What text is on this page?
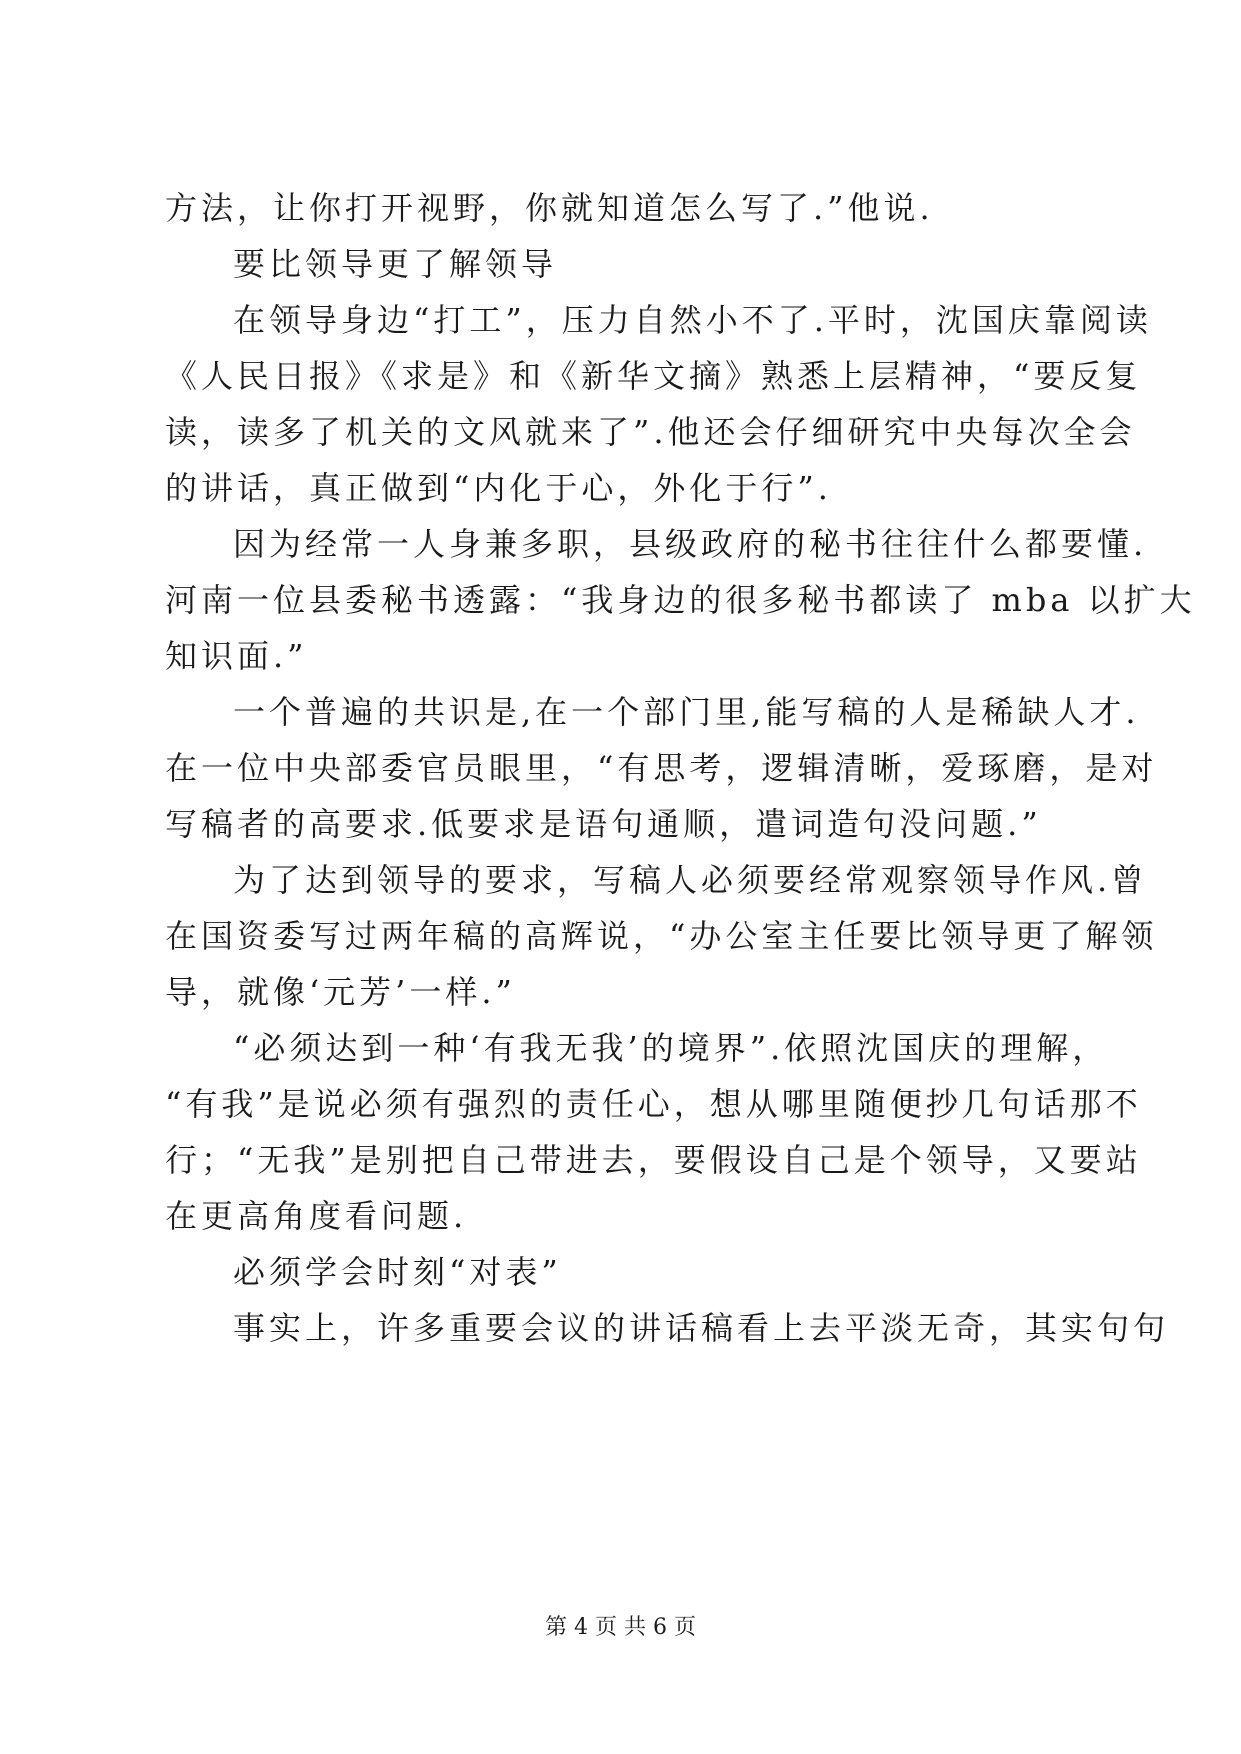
方法，让你打开视野，你就知道怎么写了.”他说.
要比领导更了解领导
在领导身边“打工”，压力自然小不了.平时，沈国庆靠阅读
《人民日报》《求是》和《新华文摘》熟悉上层精神，“要反复
读，读多了机关的文风就来了”.他还会仔细研究中央每次全会
的讲话，真正做到“内化于心，外化于行”.
因为经常一人身兼多职，县级政府的秘书往往什么都要懂.
河南一位县委秘书透露：“我身边的很多秘书都读了 mba 以扩大
知识面.”
一个普遍的共识是,在一个部门里,能写稿的人是稀缺人才.
在一位中央部委官员眼里，“有思考，逻辑清晰，爱琢磨，是对
写稿者的高要求.低要求是语句通顺，遣词造句没问题.”
为了达到领导的要求，写稿人必须要经常观察领导作风.曾
在国资委写过两年稿的高辉说，“办公室主任要比领导更了解领
导，就像‘元芳’一样.”
“必须达到一种‘有我无我’的境界”.依照沈国庆的理解，
“有我”是说必须有强烈的责任心，想从哪里随便抄几句话那不
行；“无我”是别把自己带进去，要假设自己是个领导，又要站
在更高角度看问题.
必须学会时刻“对表”
事实上，许多重要会议的讲话稿看上去平淡无奇，其实句句
第 4 页 共 6 页
